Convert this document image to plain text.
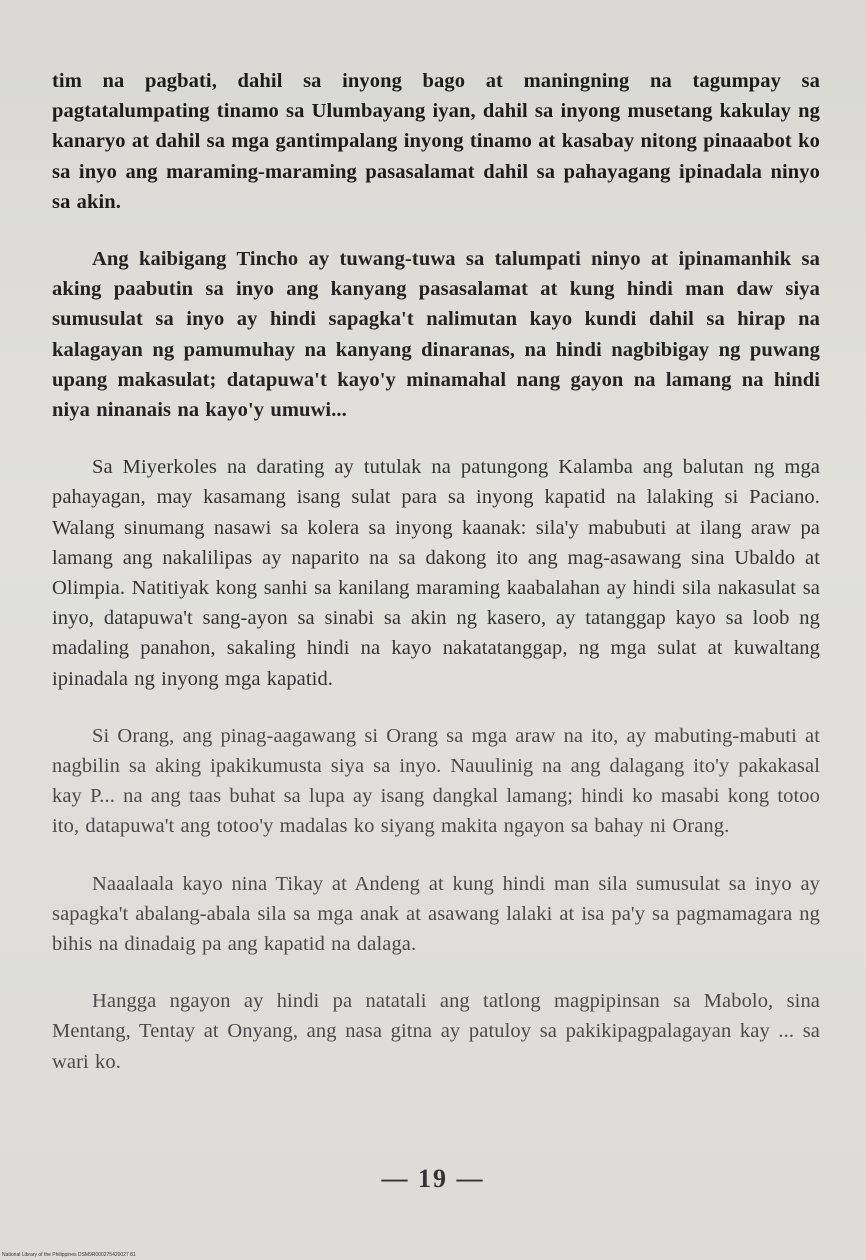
tim na pagbati, dahil sa inyong bago at maningning na tagumpay sa pagtatalumpating tinamo sa Ulumbayang iyan, dahil sa inyong musetang kakulay ng kanaryo at dahil sa mga gantimpalang inyong tinamo at kasabay nitong pinaaabot ko sa inyo ang maraming-maraming pasasalamat dahil sa pahayagang ipinadala ninyo sa akin.

Ang kaibigang Tincho ay tuwang-tuwa sa talumpati ninyo at ipinamanhik sa aking paabutin sa inyo ang kanyang pasasalamat at kung hindi man daw siya sumusulat sa inyo ay hindi sapagka't nalimutan kayo kundi dahil sa hirap na kalagayan ng pamumuhay na kanyang dinaranas, na hindi nagbibigay ng puwang upang makasulat; datapuwa't kayo'y minamahal nang gayon na lamang na hindi niya ninanais na kayo'y umuwi...

Sa Miyerkoles na darating ay tutulak na patungong Kalamba ang balutan ng mga pahayagan, may kasamang isang sulat para sa inyong kapatid na lalaking si Paciano. Walang sinumang nasawi sa kolera sa inyong kaanak: sila'y mabubuti at ilang araw pa lamang ang nakalilipas ay naparito na sa dakong ito ang mag-asawang sina Ubaldo at Olimpia. Natitiyak kong sanhi sa kanilang maraming kaabalahan ay hindi sila nakasulat sa inyo, datapuwa't sang-ayon sa sinabi sa akin ng kasero, ay tatanggap kayo sa loob ng madaling panahon, sakaling hindi na kayo nakatatanggap, ng mga sulat at kuwaltang ipinadala ng inyong mga kapatid.

Si Orang, ang pinag-aagawang si Orang sa mga araw na ito, ay mabuting-mabuti at nagbilin sa aking ipakikumusta siya sa inyo. Nauulinig na ang dalagang ito'y pakakasal kay P... na ang taas buhat sa lupa ay isang dangkal lamang; hindi ko masabi kong totoo ito, datapuwa't ang totoo'y madalas ko siyang makita ngayon sa bahay ni Orang.

Naaalaala kayo nina Tikay at Andeng at kung hindi man sila sumusulat sa inyo ay sapagka't abalang-abala sila sa mga anak at asawang lalaki at isa pa'y sa pagmamagara ng bihis na dinadaig pa ang kapatid na dalaga.

Hangga ngayon ay hindi pa natatali ang tatlong magpipinsan sa Mabolo, sina Mentang, Tentay at Onyang, ang nasa gitna ay patuloy sa pakikipagpalagayan kay ... sa wari ko.

— 19 —
National Library of the Philippines DSM9R000275420027 81
